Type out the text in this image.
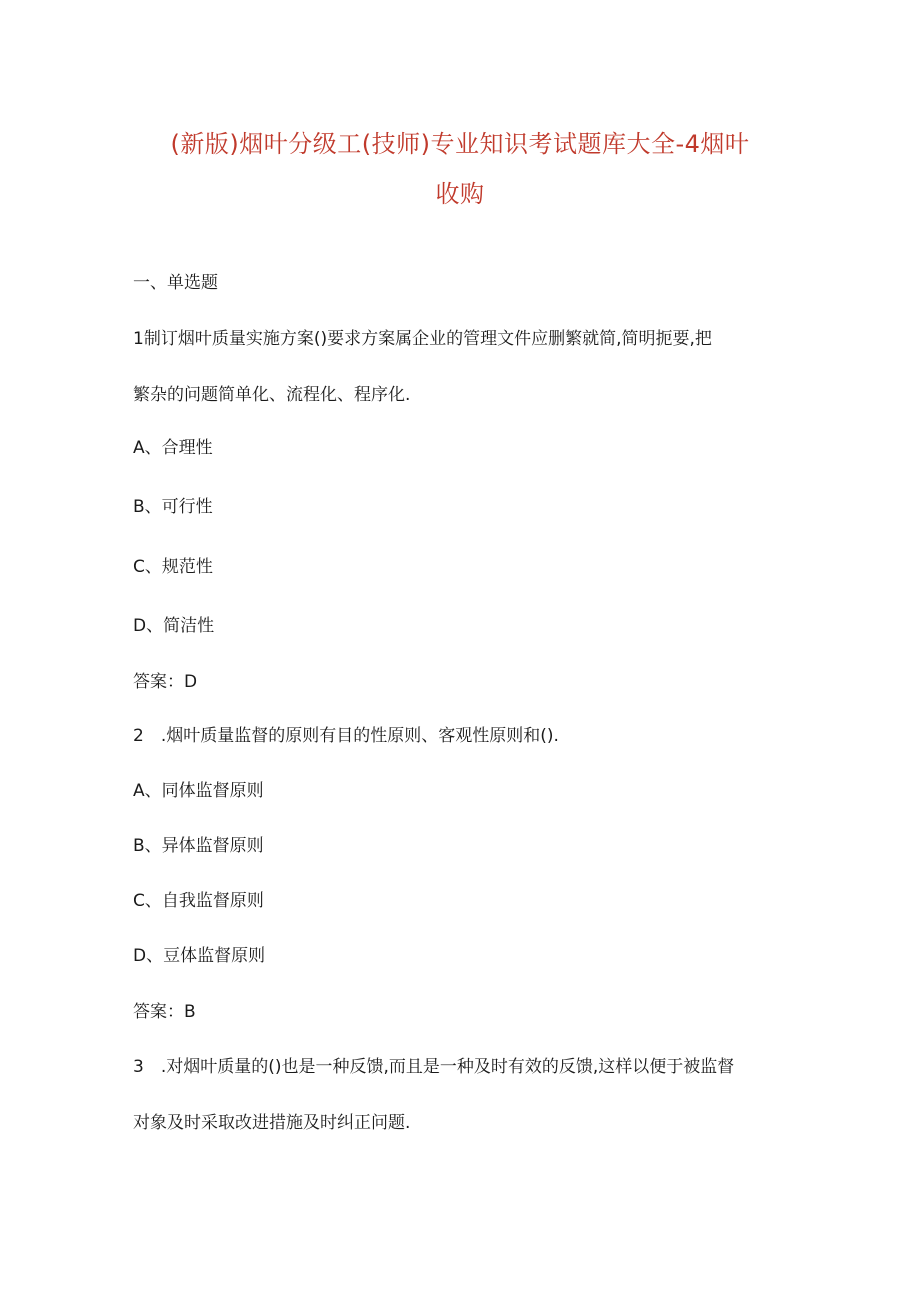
(新版)烟叶分级工(技师)专业知识考试题库大全-4烟叶
收购
一、单选题
1制订烟叶质量实施方案()要求方案属企业的管理文件应删繁就简,简明扼要,把
繁杂的问题简单化、流程化、程序化.
A、合理性
B、可行性
C、规范性
D、简洁性
答案：D
2　.烟叶质量监督的原则有目的性原则、客观性原则和().
A、同体监督原则
B、异体监督原则
C、自我监督原则
D、豆体监督原则
答案：B
3　.对烟叶质量的()也是一种反馈,而且是一种及时有效的反馈,这样以便于被监督
对象及时采取改进措施及时纠正问题.
